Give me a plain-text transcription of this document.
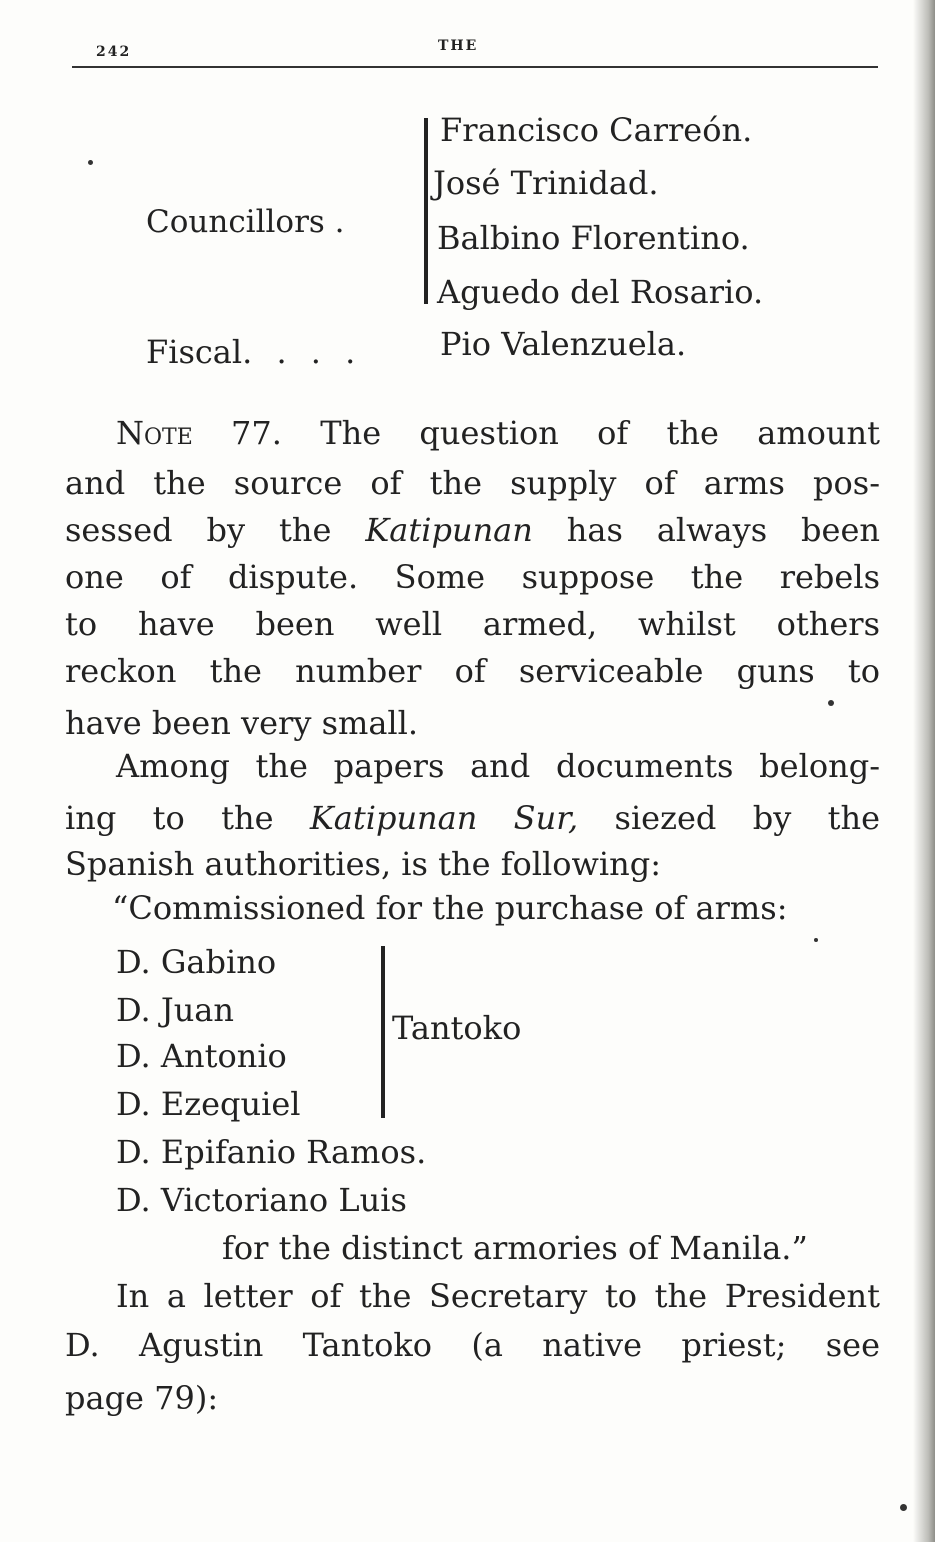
242	THE
Councillors .
Francisco Carreón.
José Trinidad.
Balbino Florentino.
Aguedo del Rosario.
Fiscal. . . .	Pio Valenzuela.
Note 77. The question of the amount
and the source of the supply of arms pos-
sessed by the Katipunan has always been
one of dispute. Some suppose the rebels
to have been well armed, whilst others
reckon the number of serviceable guns to
have been very small.
Among the papers and documents belong-
ing to the Katipunan Sur, siezed by the
Spanish authorities, is the following:
“Commissioned for the purchase of arms:
D. Gabino
D. Juan
D. Antonio
D. Ezequiel
Tantoko
D. Epifanio Ramos.
D. Victoriano Luis
for the distinct armories of Manila.”
In a letter of the Secretary to the President
D. Agustin Tantoko (a native priest; see
page 79):
